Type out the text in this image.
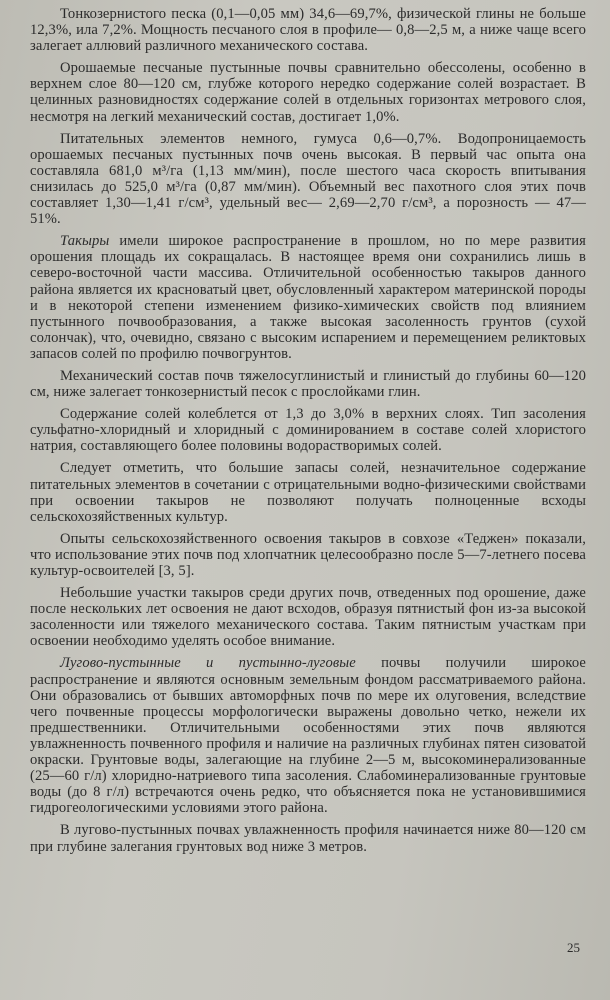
Тонкозернистого песка (0,1—0,05 мм) 34,6—69,7%, физической глины не больше 12,3%, ила 7,2%. Мощность песчаного слоя в профиле— 0,8—2,5 м, а ниже чаще всего залегает аллювий различного механического состава.

Орошаемые песчаные пустынные почвы сравнительно обессолены, особенно в верхнем слое 80—120 см, глубже которого нередко содержание солей возрастает. В целинных разновидностях содержание солей в отдельных горизонтах метрового слоя, несмотря на легкий механический состав, достигает 1,0%.

Питательных элементов немного, гумуса 0,6—0,7%. Водопроницаемость орошаемых песчаных пустынных почв очень высокая. В первый час опыта она составляла 681,0 м³/га (1,13 мм/мин), после шестого часа скорость впитывания снизилась до 525,0 м³/га (0,87 мм/мин). Объемный вес пахотного слоя этих почв составляет 1,30—1,41 г/см³, удельный вес— 2,69—2,70 г/см³, а порозность — 47—51%.

Такыры имели широкое распространение в прошлом, но по мере развития орошения площадь их сокращалась. В настоящее время они сохранились лишь в северо-восточной части массива. Отличительной особенностью такыров данного района является их красноватый цвет, обусловленный характером материнской породы и в некоторой степени изменением физико-химических свойств под влиянием пустынного почвообразования, а также высокая засоленность грунтов (сухой солончак), что, очевидно, связано с высоким испарением и перемещением реликтовых запасов солей по профилю почвогрунтов.

Механический состав почв тяжелосуглинистый и глинистый до глубины 60—120 см, ниже залегает тонкозернистый песок с прослойками глин.

Содержание солей колеблется от 1,3 до 3,0% в верхних слоях. Тип засоления сульфатно-хлоридный и хлоридный с доминированием в составе солей хлористого натрия, составляющего более половины водорастворимых солей.

Следует отметить, что большие запасы солей, незначительное содержание питательных элементов в сочетании с отрицательными водно-физическими свойствами при освоении такыров не позволяют получать полноценные всходы сельскохозяйственных культур.

Опыты сельскохозяйственного освоения такыров в совхозе «Теджен» показали, что использование этих почв под хлопчатник целесообразно после 5—7-летнего посева культур-освоителей [3, 5].

Небольшие участки такыров среди других почв, отведенных под орошение, даже после нескольких лет освоения не дают всходов, образуя пятнистый фон из-за высокой засоленности или тяжелого механического состава. Таким пятнистым участкам при освоении необходимо уделять особое внимание.

Лугово-пустынные и пустынно-луговые почвы получили широкое распространение и являются основным земельным фондом рассматриваемого района. Они образовались от бывших автоморфных почв по мере их олуговения, вследствие чего почвенные процессы морфологически выражены довольно четко, нежели их предшественники. Отличительными особенностями этих почв являются увлажненность почвенного профиля и наличие на различных глубинах пятен сизоватой окраски. Грунтовые воды, залегающие на глубине 2—5 м, высокоминерализованные (25—60 г/л) хлоридно-натриевого типа засоления. Слабоминерализованные грунтовые воды (до 8 г/л) встречаются очень редко, что объясняется пока не установившимися гидрогеологическими условиями этого района.

В лугово-пустынных почвах увлажненность профиля начинается ниже 80—120 см при глубине залегания грунтовых вод ниже 3 метров.

25
